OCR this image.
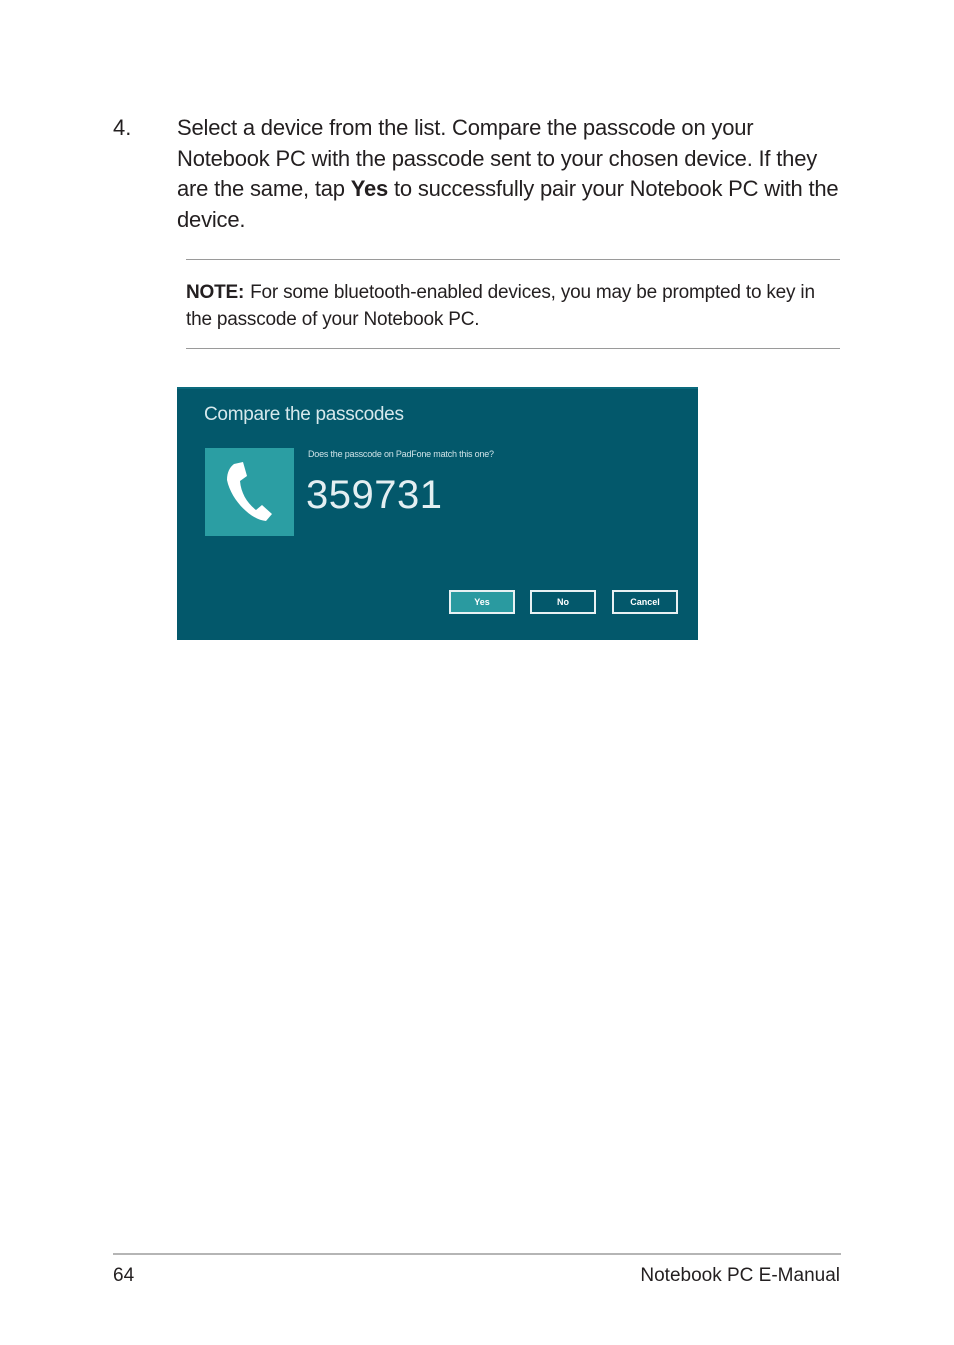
4. Select a device from the list. Compare the passcode on your Notebook PC with the passcode sent to your chosen device. If they are the same, tap Yes to successfully pair your Notebook PC with the device.
NOTE: For some bluetooth-enabled devices, you may be prompted to key in the passcode of your Notebook PC.
Compare the passcodes
Does the passcode on PadFone match this one?
359731
Yes	No	Cancel
64	Notebook PC E-Manual
